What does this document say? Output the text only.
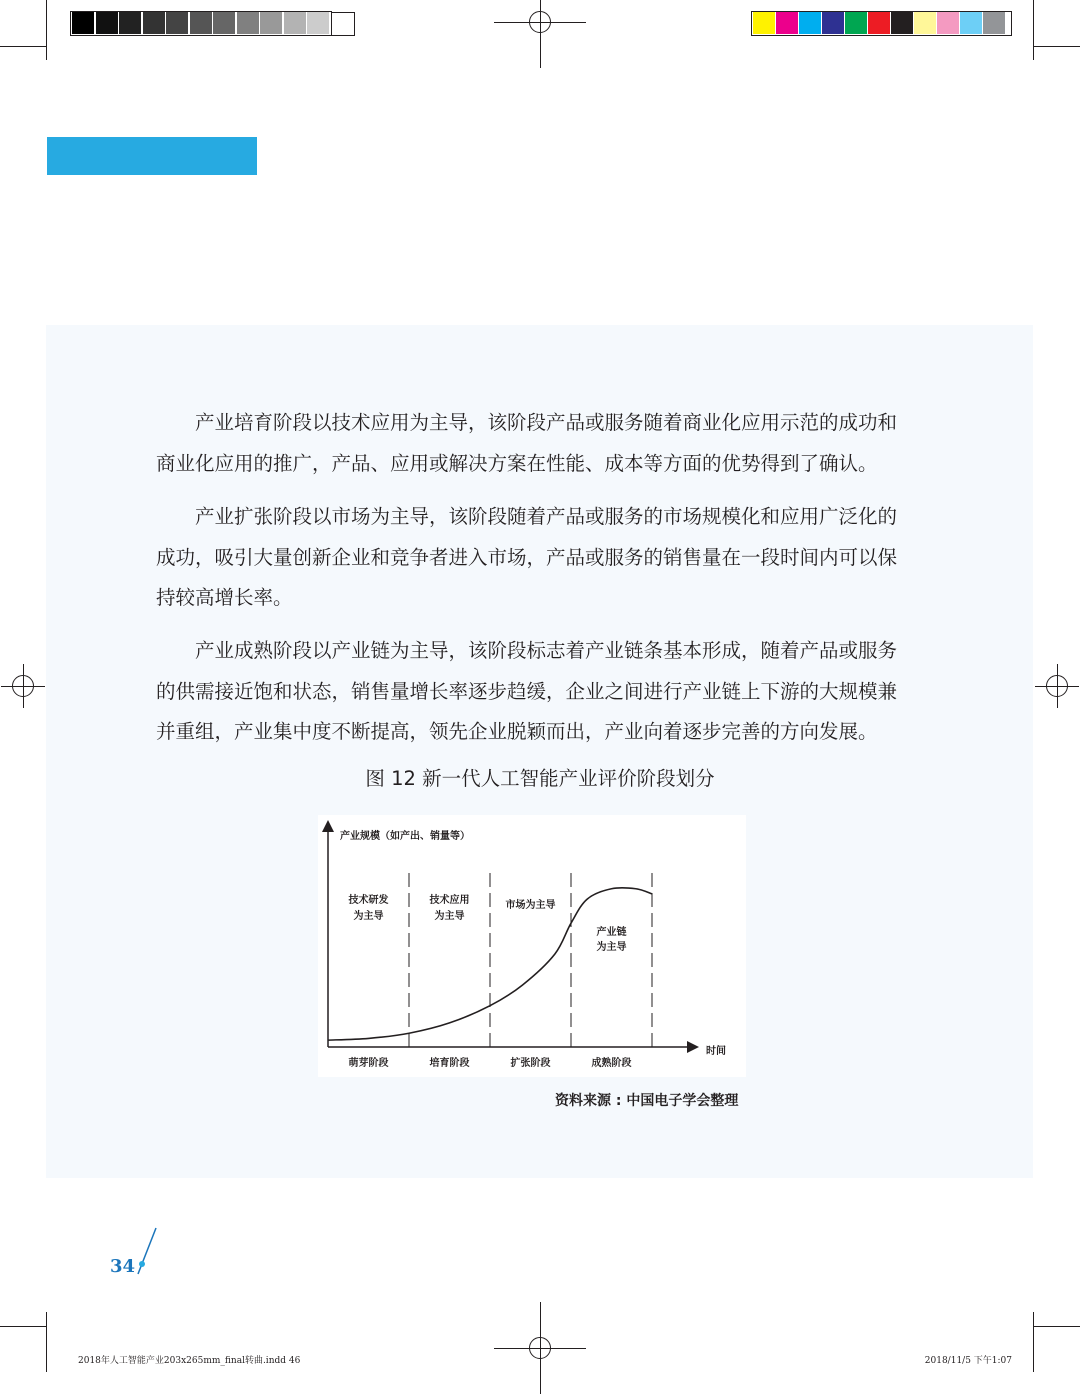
产业培育阶段以技术应用为主导，该阶段产品或服务随着商业化应用示范的成功和
商业化应用的推广，产品、应用或解决方案在性能、成本等方面的优势得到了确认。
产业扩张阶段以市场为主导，该阶段随着产品或服务的市场规模化和应用广泛化的
成功，吸引大量创新企业和竞争者进入市场，产品或服务的销售量在一段时间内可以保
持较高增长率。
产业成熟阶段以产业链为主导，该阶段标志着产业链条基本形成，随着产品或服务
的供需接近饱和状态，销售量增长率逐步趋缓，企业之间进行产业链上下游的大规模兼
并重组，产业集中度不断提高，领先企业脱颖而出，产业向着逐步完善的方向发展。
图 12 新一代人工智能产业评价阶段划分
产业规模（如产出、销量等）
时间
萌芽阶段	培育阶段	扩张阶段	成熟阶段
技术研发
为主导
技术应用
为主导
市场为主导
产业链
为主导
资料来源 : 中国电子学会整理
34
2018年人工智能产业203x265mm_final转曲.indd 46	2018/11/5 下午1:07
